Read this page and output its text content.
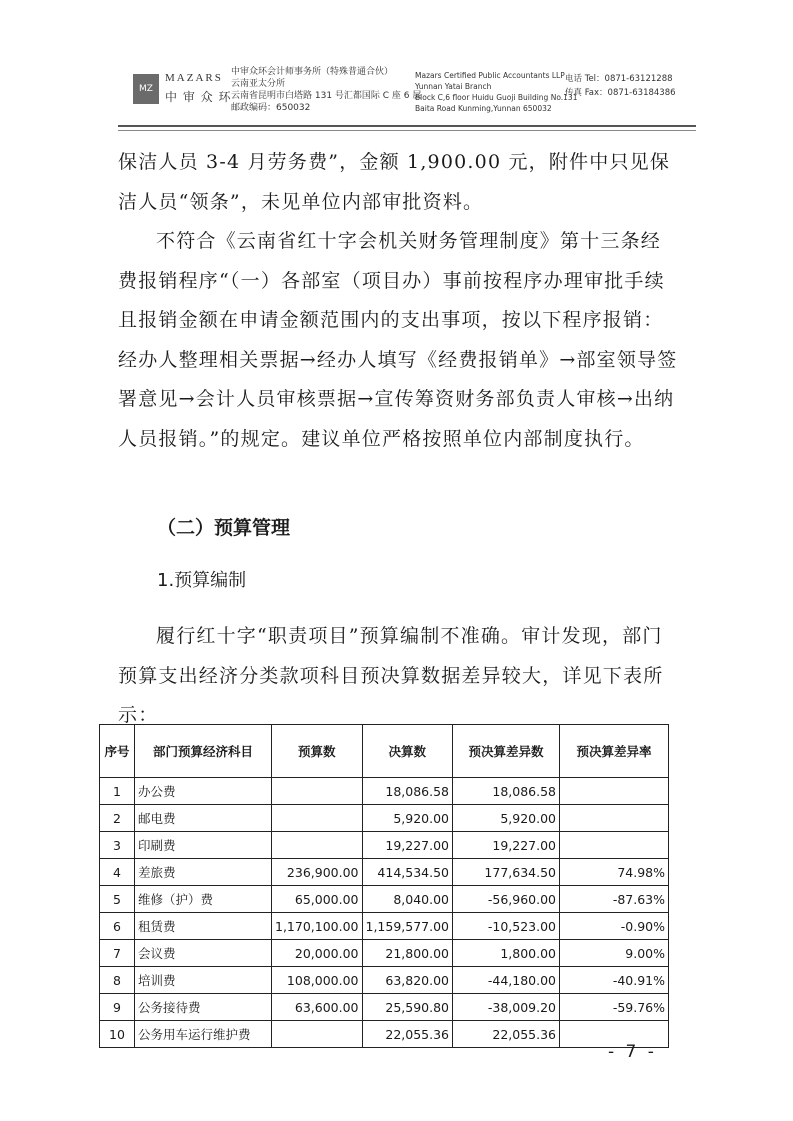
MZ
MAZARS
中 审 众 环
中审众环会计师事务所（特殊普通合伙）
云南亚太分所
云南省昆明市白塔路 131 号汇都国际 C 座 6 层
邮政编码：650032
Mazars Certified Public Accountants LLP
Yunnan Yatai Branch
Block C,6 floor Huidu Guoji Building No.131
Baita Road Kunming,Yunnan 650032
电话 Tel：0871-63121288
传真 Fax：0871-63184386

保洁人员 3-4 月劳务费”，金额 1,900.00 元，附件中只见保洁人员“领条”，未见单位内部审批资料。

不符合《云南省红十字会机关财务管理制度》第十三条经费报销程序“（一）各部室（项目办）事前按程序办理审批手续且报销金额在申请金额范围内的支出事项，按以下程序报销：经办人整理相关票据→经办人填写《经费报销单》→部室领导签署意见→会计人员审核票据→宣传筹资财务部负责人审核→出纳人员报销。”的规定。建议单位严格按照单位内部制度执行。

（二）预算管理
1.预算编制

履行红十字“职责项目”预算编制不准确。审计发现，部门预算支出经济分类款项科目预决算数据差异较大，详见下表所示：

序号	部门预算经济科目	预算数	决算数	预决算差异数	预决算差异率
1	办公费		18,086.58	18,086.58	
2	邮电费		5,920.00	5,920.00	
3	印刷费		19,227.00	19,227.00	
4	差旅费	236,900.00	414,534.50	177,634.50	74.98%
5	维修（护）费	65,000.00	8,040.00	-56,960.00	-87.63%
6	租赁费	1,170,100.00	1,159,577.00	-10,523.00	-0.90%
7	会议费	20,000.00	21,800.00	1,800.00	9.00%
8	培训费	108,000.00	63,820.00	-44,180.00	-40.91%
9	公务接待费	63,600.00	25,590.80	-38,009.20	-59.76%
10	公务用车运行维护费		22,055.36	22,055.36	
- 7 -
